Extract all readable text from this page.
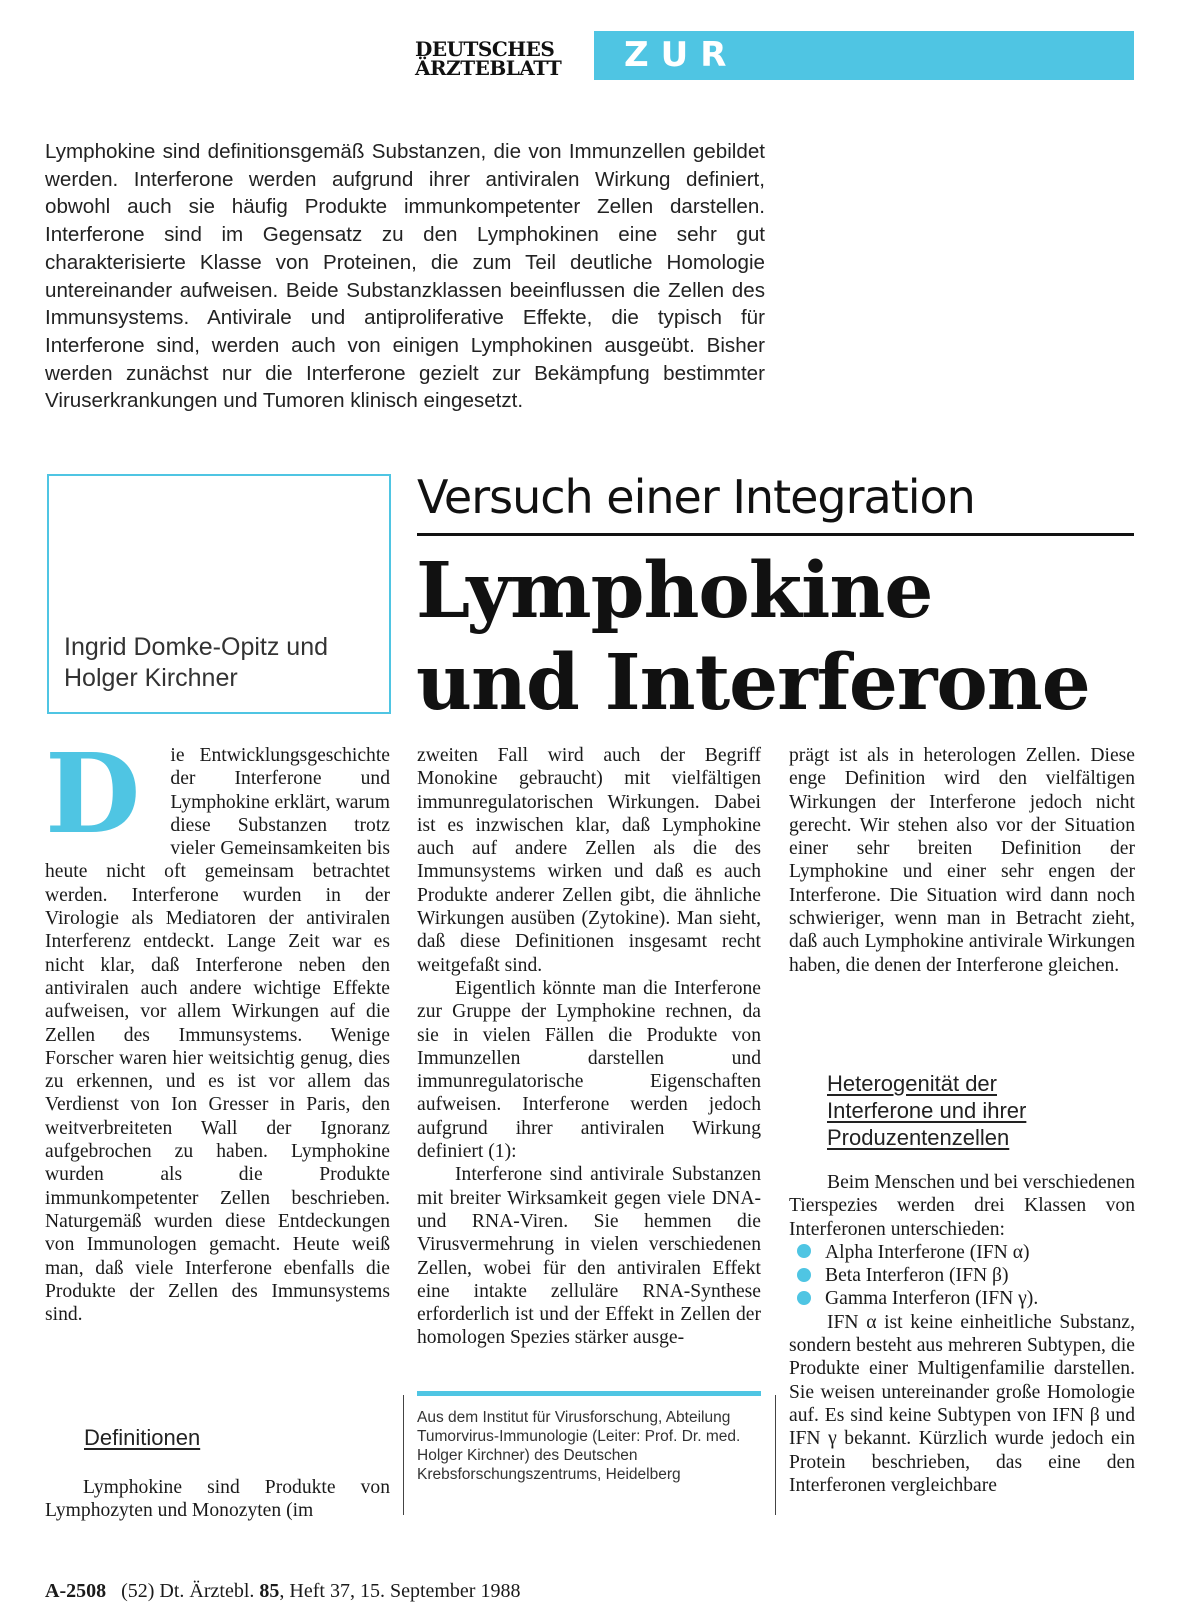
DEUTSCHES
ÄRZTEBLATT	ZUR FORTBILDUNG
Lymphokine sind definitionsgemäß Substanzen, die von Immunzellen gebildet werden. Interferone werden aufgrund ihrer antiviralen Wirkung definiert, obwohl auch sie häufig Produkte immunkompetenter Zellen darstellen. Interferone sind im Gegensatz zu den Lymphokinen eine sehr gut charakterisierte Klasse von Proteinen, die zum Teil deutliche Homologie untereinander aufweisen. Beide Substanzklassen beeinflussen die Zellen des Immunsystems. Antivirale und antiproliferative Effekte, die typisch für Interferone sind, werden auch von einigen Lymphokinen ausgeübt. Bisher werden zunächst nur die Interferone gezielt zur Bekämpfung bestimmter Viruserkrankungen und Tumoren klinisch eingesetzt.
Ingrid Domke-Opitz und
Holger Kirchner
Versuch einer Integration
Lymphokine
und Interferone
D	ie Entwicklungsgeschichte der Interferone und Lymphokine erklärt, warum diese Substanzen trotz vieler Gemeinsamkeiten bis heute nicht oft gemeinsam betrachtet werden. Interferone wurden in der Virologie als Mediatoren der antiviralen Interferenz entdeckt. Lange Zeit war es nicht klar, daß Interferone neben den antiviralen auch andere wichtige Effekte aufweisen, vor allem Wirkungen auf die Zellen des Immunsystems. Wenige Forscher waren hier weitsichtig genug, dies zu erkennen, und es ist vor allem das Verdienst von Ion Gresser in Paris, den weitverbreiteten Wall der Ignoranz aufgebrochen zu haben. Lymphokine wurden als die Produkte immunkompetenter Zellen beschrieben. Naturgemäß wurden diese Entdeckungen von Immunologen gemacht. Heute weiß man, daß viele Interferone ebenfalls die Produkte der Zellen des Immunsystems sind.

Definitionen

Lymphokine sind Produkte von Lymphozyten und Monozyten (im

zweiten Fall wird auch der Begriff Monokine gebraucht) mit vielfältigen immunregulatorischen Wirkungen. Dabei ist es inzwischen klar, daß Lymphokine auch auf andere Zellen als die des Immunsystems wirken und daß es auch Produkte anderer Zellen gibt, die ähnliche Wirkungen ausüben (Zytokine). Man sieht, daß diese Definitionen insgesamt recht weitgefaßt sind.

Eigentlich könnte man die Interferone zur Gruppe der Lymphokine rechnen, da sie in vielen Fällen die Produkte von Immunzellen darstellen und immunregulatorische Eigenschaften aufweisen. Interferone werden jedoch aufgrund ihrer antiviralen Wirkung definiert (1):

Interferone sind antivirale Substanzen mit breiter Wirksamkeit gegen viele DNA- und RNA-Viren. Sie hemmen die Virusvermehrung in vielen verschiedenen Zellen, wobei für den antiviralen Effekt eine intakte zelluläre RNA-Synthese erforderlich ist und der Effekt in Zellen der homologen Spezies stärker ausge-

Aus dem Institut für Virusforschung, Abteilung Tumorvirus-Immunologie (Leiter: Prof. Dr. med. Holger Kirchner) des Deutschen Krebsforschungszentrums, Heidelberg

prägt ist als in heterologen Zellen. Diese enge Definition wird den vielfältigen Wirkungen der Interferone jedoch nicht gerecht. Wir stehen also vor der Situation einer sehr breiten Definition der Lymphokine und einer sehr engen der Interferone. Die Situation wird dann noch schwieriger, wenn man in Betracht zieht, daß auch Lymphokine antivirale Wirkungen haben, die denen der Interferone gleichen.

Heterogenität der
Interferone und ihrer
Produzentenzellen

Beim Menschen und bei verschiedenen Tierspezies werden drei Klassen von Interferonen unterschieden:

Alpha Interferone (IFN α)

Beta Interferon (IFN β)

Gamma Interferon (IFN γ).

IFN α ist keine einheitliche Substanz, sondern besteht aus mehreren Subtypen, die Produkte einer Multigenfamilie darstellen. Sie weisen untereinander große Homologie auf. Es sind keine Subtypen von IFN β und IFN γ bekannt. Kürzlich wurde jedoch ein Protein beschrieben, das eine den Interferonen vergleichbare

A-2508 (52) Dt. Ärztebl. 85, Heft 37, 15. September 1988
